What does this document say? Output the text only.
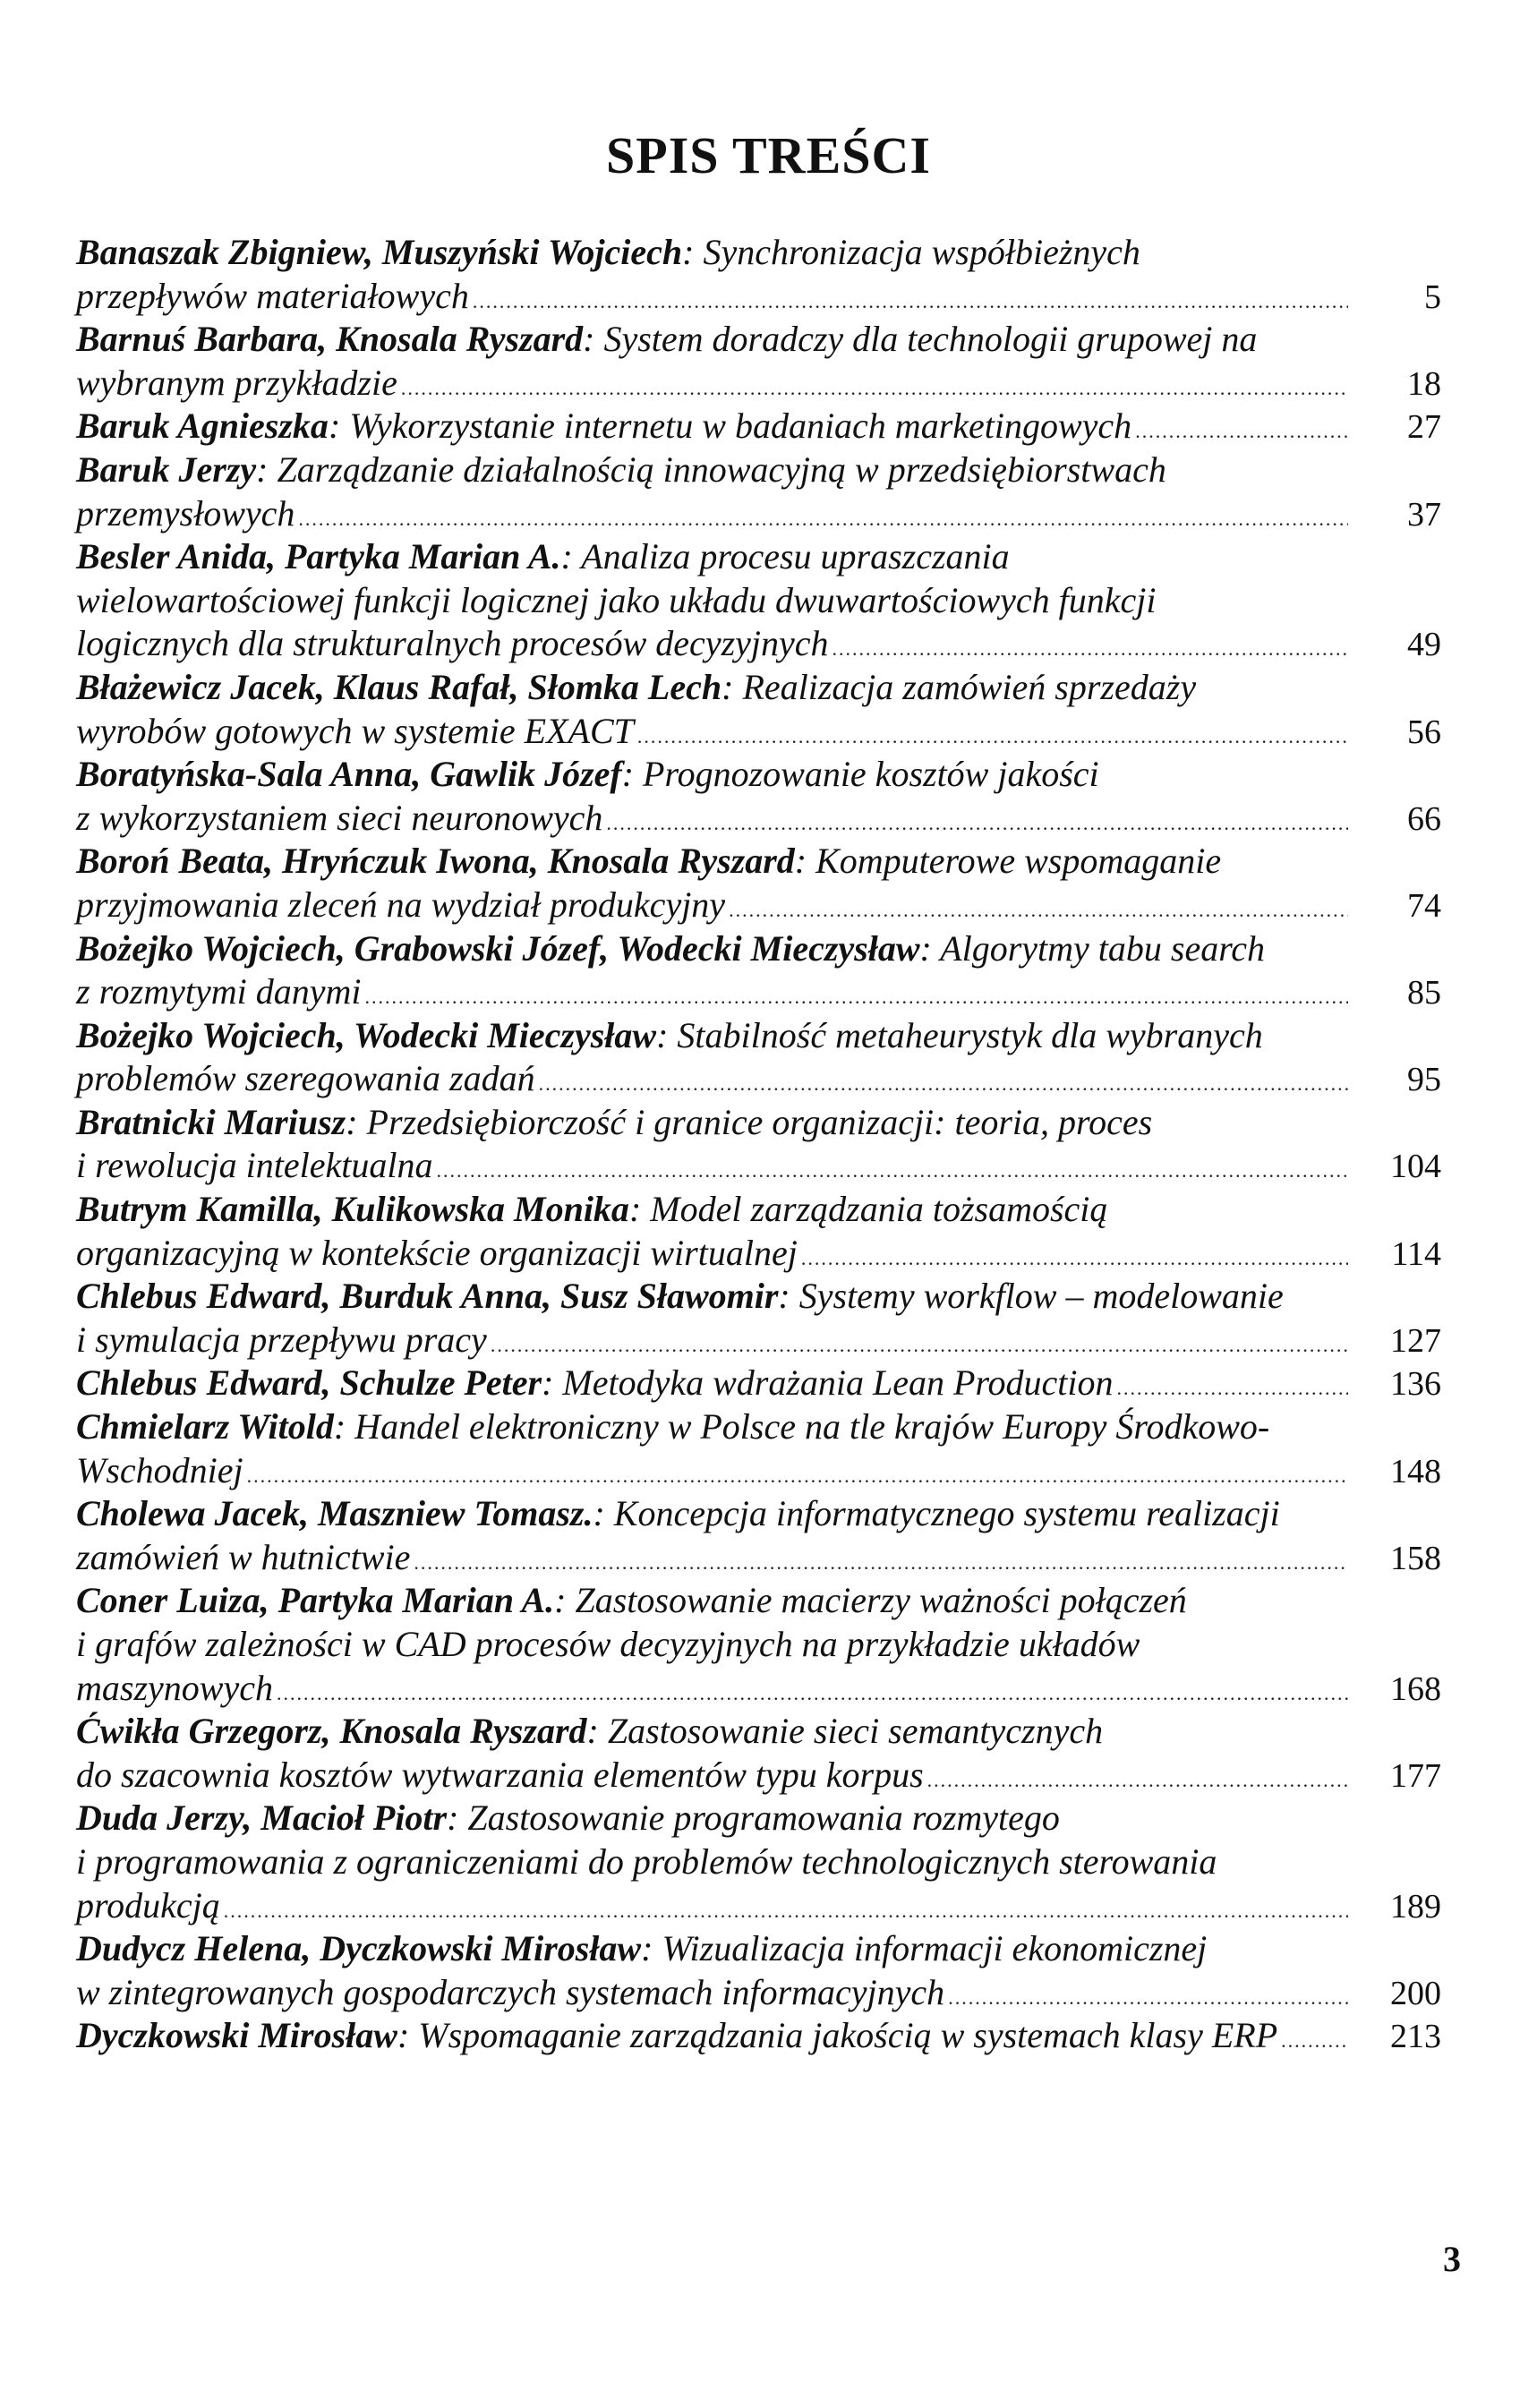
SPIS TREŚCI
Banaszak Zbigniew, Muszyński Wojciech : Synchronizacja współbieżnych
przepływów materiałowych .....	5
Barnuś Barbara, Knosala Ryszard : System doradczy dla technologii grupowej na
wybranym przykładzie .....	18
Baruk Agnieszka : Wykorzystanie internetu w badaniach marketingowych .....	27
Baruk Jerzy : Zarządzanie działalnością innowacyjną w przedsiębiorstwach
przemysłowych .....	37
Besler Anida, Partyka Marian A. : Analiza procesu upraszczania
wielowartościowej funkcji logicznej jako układu dwuwartościowych funkcji
logicznych dla strukturalnych procesów decyzyjnych .....	49
Błażewicz Jacek, Klaus Rafał, Słomka Lech : Realizacja zamówień sprzedaży
wyrobów gotowych w systemie EXACT .....	56
Boratyńska-Sala Anna, Gawlik Józef : Prognozowanie kosztów jakości
z wykorzystaniem sieci neuronowych .....	66
Boroń Beata, Hryńczuk Iwona, Knosala Ryszard : Komputerowe wspomaganie
przyjmowania zleceń na wydział produkcyjny .....	74
Bożejko Wojciech, Grabowski Józef, Wodecki Mieczysław : Algorytmy tabu search
z rozmytymi danymi .....	85
Bożejko Wojciech, Wodecki Mieczysław : Stabilność metaheurystyk dla wybranych
problemów szeregowania zadań .....	95
Bratnicki Mariusz : Przedsiębiorczość i granice organizacji: teoria, proces
i rewolucja intelektualna .....	104
Butrym Kamilla, Kulikowska Monika : Model zarządzania tożsamością
organizacyjną w kontekście organizacji wirtualnej .....	114
Chlebus Edward, Burduk Anna, Susz Sławomir : Systemy workflow – modelowanie
i symulacja przepływu pracy .....	127
Chlebus Edward, Schulze Peter : Metodyka wdrażania Lean Production .....	136
Chmielarz Witold : Handel elektroniczny w Polsce na tle krajów Europy Środkowo-
Wschodniej .....	148
Cholewa Jacek, Maszniew Tomasz. : Koncepcja informatycznego systemu realizacji
zamówień w hutnictwie .....	158
Coner Luiza, Partyka Marian A. : Zastosowanie macierzy ważności połączeń
i grafów zależności w CAD procesów decyzyjnych na przykładzie układów
maszynowych .....	168
Ćwikła Grzegorz, Knosala Ryszard : Zastosowanie sieci semantycznych
do szacownia kosztów wytwarzania elementów typu korpus .....	177
Duda Jerzy, Macioł Piotr : Zastosowanie programowania rozmytego
i programowania z ograniczeniami do problemów technologicznych sterowania
produkcją .....	189
Dudycz Helena, Dyczkowski Mirosław : Wizualizacja informacji ekonomicznej
w zintegrowanych gospodarczych systemach informacyjnych .....	200
Dyczkowski Mirosław : Wspomaganie zarządzania jakością w systemach klasy ERP .....	213
3
